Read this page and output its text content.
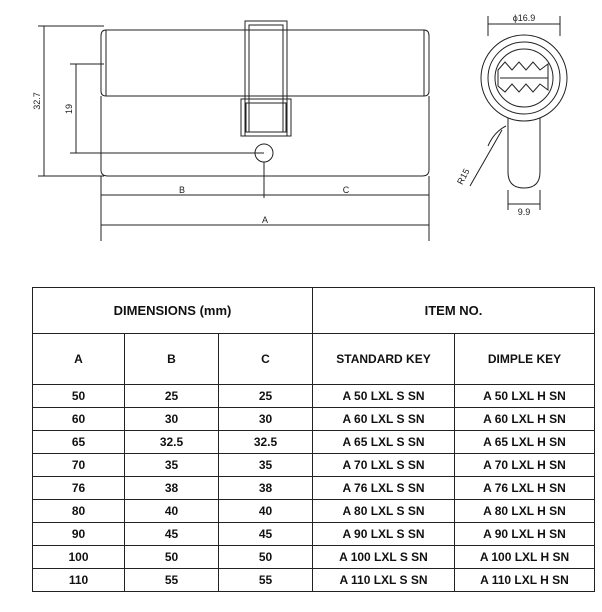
32.7 19
B	C
A
ϕ16.9
R15
9.9
DIMENSIONS (mm)			ITEM NO.	
A	B	C	STANDARD KEY	DIMPLE KEY
50	25	25	A 50 LXL S SN	A 50 LXL H SN
60	30	30	A 60 LXL S SN	A 60 LXL H SN
65	32.5	32.5	A 65 LXL S SN	A 65 LXL H SN
70	35	35	A 70 LXL S SN	A 70 LXL H SN
76	38	38	A 76 LXL S SN	A 76 LXL H SN
80	40	40	A 80 LXL S SN	A 80 LXL H SN
90	45	45	A 90 LXL S SN	A 90 LXL H SN
100	50	50	A 100 LXL S SN	A 100 LXL H SN
110	55	55	A 110 LXL S SN	A 110 LXL H SN
